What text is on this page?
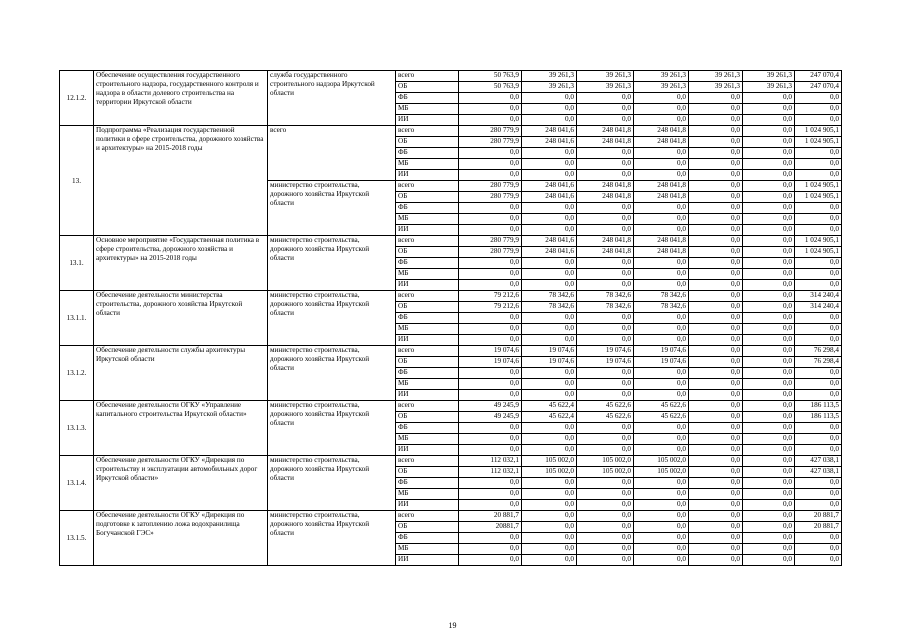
12.1.2.	Обеспечение осуществления государственного строительного надзора, государственного контроля и надзора в области долевого строительства на территории Иркутской области	служба государственного строительного надзора Иркутской области	всего	50 763,9	39 261,3	39 261,3	39 261,3	39 261,3	39 261,3	247 070,4
			ОБ	50 763,9	39 261,3	39 261,3	39 261,3	39 261,3	39 261,3	247 070,4
			ФБ	0,0	0,0	0,0	0,0	0,0	0,0	0,0
			МБ	0,0	0,0	0,0	0,0	0,0	0,0	0,0
			ИИ	0,0	0,0	0,0	0,0	0,0	0,0	0,0
13.	Подпрограмма «Реализация государственной политики в сфере строительства, дорожного хозяйства и архитектуры» на 2015-2018 годы	всего	всего	280 779,9	248 041,6	248 041,8	248 041,8	0,0	0,0	1 024 905,1
			ОБ	280 779,9	248 041,6	248 041,8	248 041,8	0,0	0,0	1 024 905,1
			ФБ	0,0	0,0	0,0	0,0	0,0	0,0	0,0
			МБ	0,0	0,0	0,0	0,0	0,0	0,0	0,0
			ИИ	0,0	0,0	0,0	0,0	0,0	0,0	0,0
		министерство строительства, дорожного хозяйства Иркутской области	всего	280 779,9	248 041,6	248 041,8	248 041,8	0,0	0,0	1 024 905,1
			ОБ	280 779,9	248 041,6	248 041,8	248 041,8	0,0	0,0	1 024 905,1
			ФБ	0,0	0,0	0,0	0,0	0,0	0,0	0,0
			МБ	0,0	0,0	0,0	0,0	0,0	0,0	0,0
			ИИ	0,0	0,0	0,0	0,0	0,0	0,0	0,0
13.1.	Основное мероприятие «Государственная политика в сфере строительства, дорожного хозяйства и архитектуры» на 2015-2018 годы	министерство строительства, дорожного хозяйства Иркутской области	всего	280 779,9	248 041,6	248 041,8	248 041,8	0,0	0,0	1 024 905,1
			ОБ	280 779,9	248 041,6	248 041,8	248 041,8	0,0	0,0	1 024 905,1
			ФБ	0,0	0,0	0,0	0,0	0,0	0,0	0,0
			МБ	0,0	0,0	0,0	0,0	0,0	0,0	0,0
			ИИ	0,0	0,0	0,0	0,0	0,0	0,0	0,0
13.1.1.	Обеспечение деятельности министерства строительства, дорожного хозяйства Иркутской области	министерство строительства, дорожного хозяйства Иркутской области	всего	79 212,6	78 342,6	78 342,6	78 342,6	0,0	0,0	314 240,4
			ОБ	79 212,6	78 342,6	78 342,6	78 342,6	0,0	0,0	314 240,4
			ФБ	0,0	0,0	0,0	0,0	0,0	0,0	0,0
			МБ	0,0	0,0	0,0	0,0	0,0	0,0	0,0
			ИИ	0,0	0,0	0,0	0,0	0,0	0,0	0,0
13.1.2.	Обеспечение деятельности службы архитектуры Иркутской области	министерство строительства, дорожного хозяйства Иркутской области	всего	19 074,6	19 074,6	19 074,6	19 074,6	0,0	0,0	76 298,4
			ОБ	19 074,6	19 074,6	19 074,6	19 074,6	0,0	0,0	76 298,4
			ФБ	0,0	0,0	0,0	0,0	0,0	0,0	0,0
			МБ	0,0	0,0	0,0	0,0	0,0	0,0	0,0
			ИИ	0,0	0,0	0,0	0,0	0,0	0,0	0,0
13.1.3.	Обеспечение деятельности ОГКУ «Управление капитального строительства Иркутской области»	министерство строительства, дорожного хозяйства Иркутской области	всего	49 245,9	45 622,4	45 622,6	45 622,6	0,0	0,0	186 113,5
			ОБ	49 245,9	45 622,4	45 622,6	45 622,6	0,0	0,0	186 113,5
			ФБ	0,0	0,0	0,0	0,0	0,0	0,0	0,0
			МБ	0,0	0,0	0,0	0,0	0,0	0,0	0,0
			ИИ	0,0	0,0	0,0	0,0	0,0	0,0	0,0
13.1.4.	Обеспечение деятельности ОГКУ «Дирекция по строительству и эксплуатации автомобильных дорог Иркутской области»	министерство строительства, дорожного хозяйства Иркутской области	всего	112 032,1	105 002,0	105 002,0	105 002,0	0,0	0,0	427 038,1
			ОБ	112 032,1	105 002,0	105 002,0	105 002,0	0,0	0,0	427 038,1
			ФБ	0,0	0,0	0,0	0,0	0,0	0,0	0,0
			МБ	0,0	0,0	0,0	0,0	0,0	0,0	0,0
			ИИ	0,0	0,0	0,0	0,0	0,0	0,0	0,0
13.1.5.	Обеспечение деятельности ОГКУ «Дирекция по подготовке к затоплению ложа водохранилища Богучанской ГЭС»	министерство строительства, дорожного хозяйства Иркутской области	всего	20 881,7	0,0	0,0	0,0	0,0	0,0	20 881,7
			ОБ	20881,7	0,0	0,0	0,0	0,0	0,0	20 881,7
			ФБ	0,0	0,0	0,0	0,0	0,0	0,0	0,0
			МБ	0,0	0,0	0,0	0,0	0,0	0,0	0,0
			ИИ	0,0	0,0	0,0	0,0	0,0	0,0	0,0
19
